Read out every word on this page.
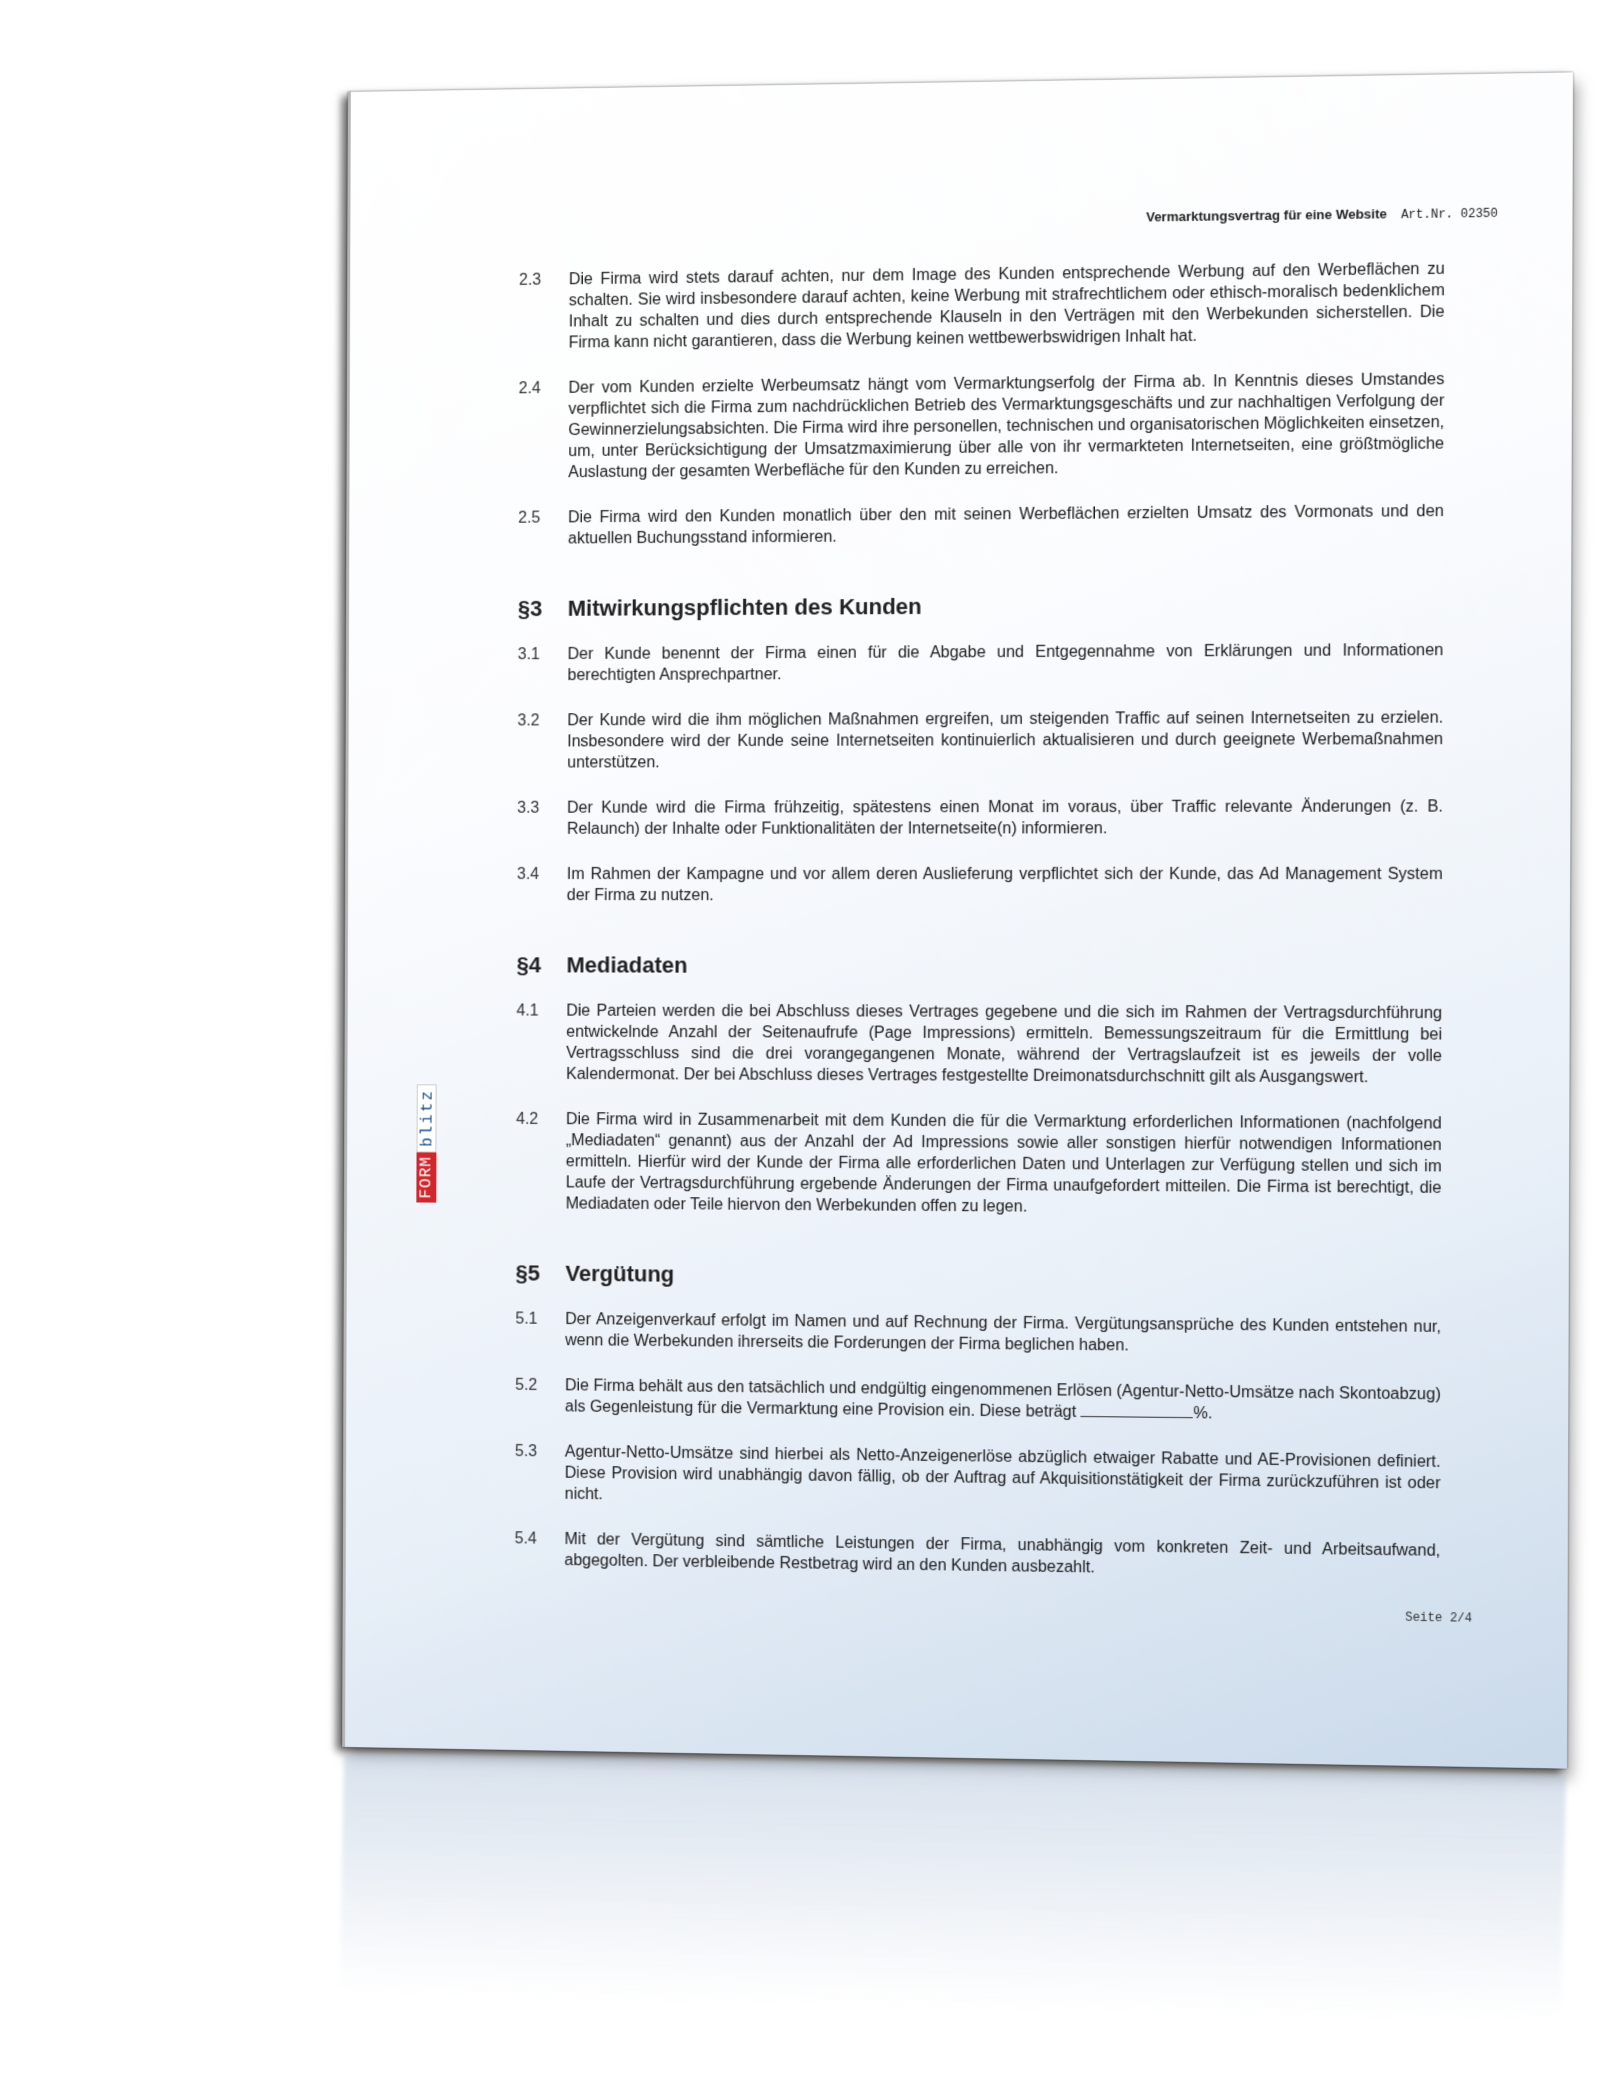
Vermarktungsvertrag für eine Website Art.Nr. 02350
FORM
blitz
2.3	Die Firma wird stets darauf achten, nur dem Image des Kunden entsprechende Werbung auf den Werbeflächen zu schalten. Sie wird insbesondere darauf achten, keine Werbung mit strafrechtlichem oder ethisch-moralisch bedenklichem Inhalt zu schalten und dies durch entsprechende Klauseln in den Verträgen mit den Werbekunden sicherstellen. Die Firma kann nicht garantieren, dass die Werbung keinen wettbewerbswidrigen Inhalt hat.
2.4	Der vom Kunden erzielte Werbeumsatz hängt vom Vermarktungserfolg der Firma ab. In Kenntnis dieses Umstandes verpflichtet sich die Firma zum nachdrücklichen Betrieb des Vermarktungsgeschäfts und zur nachhaltigen Verfolgung der Gewinnerzielungsabsichten. Die Firma wird ihre personellen, technischen und organisatorischen Möglichkeiten einsetzen, um, unter Berücksichtigung der Umsatzmaximierung über alle von ihr vermarkteten Internetseiten, eine größtmögliche Auslastung der gesamten Werbefläche für den Kunden zu erreichen.
2.5	Die Firma wird den Kunden monatlich über den mit seinen Werbeflächen erzielten Umsatz des Vormonats und den aktuellen Buchungsstand informieren.
§3	Mitwirkungspflichten des Kunden
3.1	Der Kunde benennt der Firma einen für die Abgabe und Entgegennahme von Erklärungen und Informationen berechtigten Ansprechpartner.
3.2	Der Kunde wird die ihm möglichen Maßnahmen ergreifen, um steigenden Traffic auf seinen Internetseiten zu erzielen. Insbesondere wird der Kunde seine Internetseiten kontinuierlich aktualisieren und durch geeignete Werbemaßnahmen unterstützen.
3.3	Der Kunde wird die Firma frühzeitig, spätestens einen Monat im voraus, über Traffic relevante Änderungen (z. B. Relaunch) der Inhalte oder Funktionalitäten der Internetseite(n) informieren.
3.4	Im Rahmen der Kampagne und vor allem deren Auslieferung verpflichtet sich der Kunde, das Ad Management System der Firma zu nutzen.
§4	Mediadaten
4.1	Die Parteien werden die bei Abschluss dieses Vertrages gegebene und die sich im Rahmen der Vertragsdurchführung entwickelnde Anzahl der Seitenaufrufe (Page Impressions) ermitteln. Bemessungszeitraum für die Ermittlung bei Vertragsschluss sind die drei vorangegangenen Monate, während der Vertragslaufzeit ist es jeweils der volle Kalendermonat. Der bei Abschluss dieses Vertrages festgestellte Dreimonatsdurchschnitt gilt als Ausgangswert.
4.2	Die Firma wird in Zusammenarbeit mit dem Kunden die für die Vermarktung erforderlichen Informationen (nachfolgend „Mediadaten“ genannt) aus der Anzahl der Ad Impressions sowie aller sonstigen hierfür notwendigen Informationen ermitteln. Hierfür wird der Kunde der Firma alle erforderlichen Daten und Unterlagen zur Verfügung stellen und sich im Laufe der Vertragsdurchführung ergebende Änderungen der Firma unaufgefordert mitteilen. Die Firma ist berechtigt, die Mediadaten oder Teile hiervon den Werbekunden offen zu legen.
§5	Vergütung
5.1	Der Anzeigenverkauf erfolgt im Namen und auf Rechnung der Firma. Vergütungsansprüche des Kunden entstehen nur, wenn die Werbekunden ihrerseits die Forderungen der Firma beglichen haben.
5.2	Die Firma behält aus den tatsächlich und endgültig eingenommenen Erlösen (Agentur-Netto-Umsätze nach Skontoabzug) als Gegenleistung für die Vermarktung eine Provision ein. Diese beträgt	%.
5.3	Agentur-Netto-Umsätze sind hierbei als Netto-Anzeigenerlöse abzüglich etwaiger Rabatte und AE-Provisionen definiert. Diese Provision wird unabhängig davon fällig, ob der Auftrag auf Akquisitionstätigkeit der Firma zurückzuführen ist oder nicht.
5.4	Mit der Vergütung sind sämtliche Leistungen der Firma, unabhängig vom konkreten Zeit- und Arbeitsaufwand, abgegolten. Der verbleibende Restbetrag wird an den Kunden ausbezahlt.
Seite 2/4
